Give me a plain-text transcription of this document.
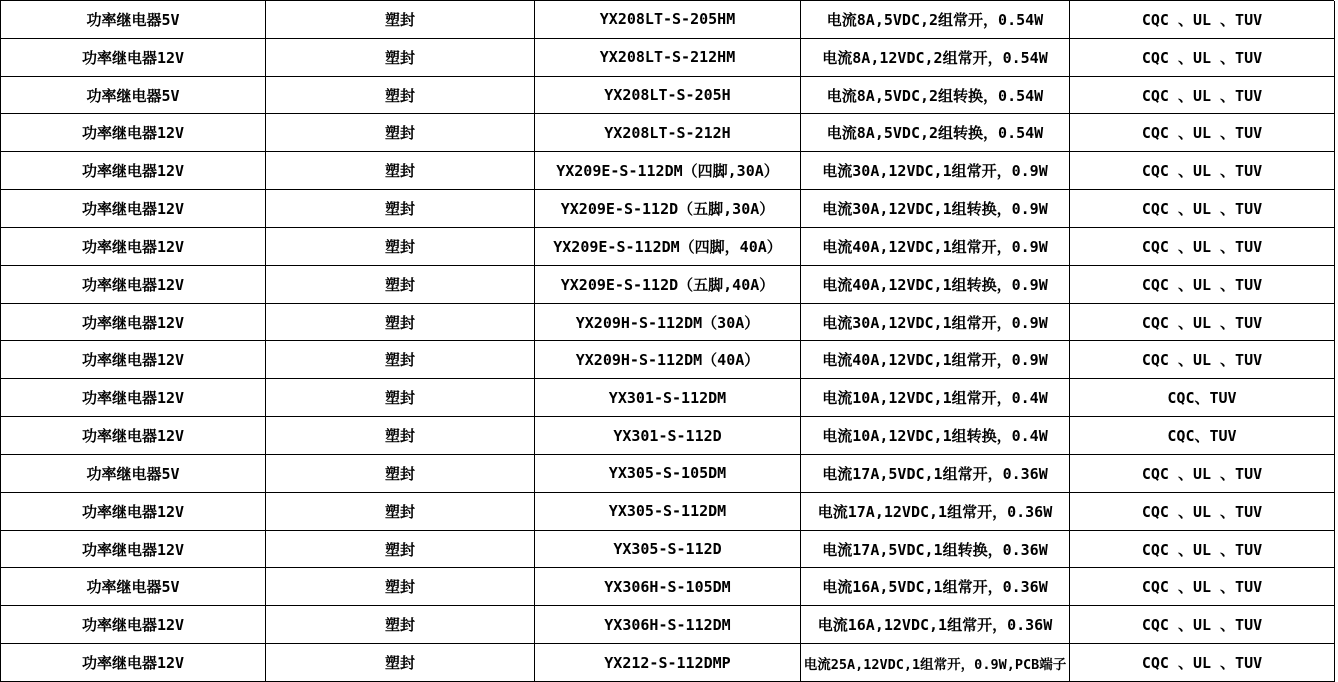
功率继电器5V	塑封	YX208LT-S-205HM	电流8A,5VDC,2组常开，0.54W	CQC 、UL 、TUV
功率继电器12V	塑封	YX208LT-S-212HM	电流8A,12VDC,2组常开，0.54W	CQC 、UL 、TUV
功率继电器5V	塑封	YX208LT-S-205H	电流8A,5VDC,2组转换，0.54W	CQC 、UL 、TUV
功率继电器12V	塑封	YX208LT-S-212H	电流8A,5VDC,2组转换，0.54W	CQC 、UL 、TUV
功率继电器12V	塑封	YX209E-S-112DM（四脚,30A）	电流30A,12VDC,1组常开，0.9W	CQC 、UL 、TUV
功率继电器12V	塑封	YX209E-S-112D（五脚,30A）	电流30A,12VDC,1组转换，0.9W	CQC 、UL 、TUV
功率继电器12V	塑封	YX209E-S-112DM（四脚，40A）	电流40A,12VDC,1组常开，0.9W	CQC 、UL 、TUV
功率继电器12V	塑封	YX209E-S-112D（五脚,40A）	电流40A,12VDC,1组转换，0.9W	CQC 、UL 、TUV
功率继电器12V	塑封	YX209H-S-112DM（30A）	电流30A,12VDC,1组常开，0.9W	CQC 、UL 、TUV
功率继电器12V	塑封	YX209H-S-112DM（40A）	电流40A,12VDC,1组常开，0.9W	CQC 、UL 、TUV
功率继电器12V	塑封	YX301-S-112DM	电流10A,12VDC,1组常开，0.4W	CQC、TUV
功率继电器12V	塑封	YX301-S-112D	电流10A,12VDC,1组转换，0.4W	CQC、TUV
功率继电器5V	塑封	YX305-S-105DM	电流17A,5VDC,1组常开，0.36W	CQC 、UL 、TUV
功率继电器12V	塑封	YX305-S-112DM	电流17A,12VDC,1组常开，0.36W	CQC 、UL 、TUV
功率继电器12V	塑封	YX305-S-112D	电流17A,5VDC,1组转换，0.36W	CQC 、UL 、TUV
功率继电器5V	塑封	YX306H-S-105DM	电流16A,5VDC,1组常开，0.36W	CQC 、UL 、TUV
功率继电器12V	塑封	YX306H-S-112DM	电流16A,12VDC,1组常开，0.36W	CQC 、UL 、TUV
功率继电器12V	塑封	YX212-S-112DMP	电流25A,12VDC,1组常开，0.9W,PCB端子	CQC 、UL 、TUV
